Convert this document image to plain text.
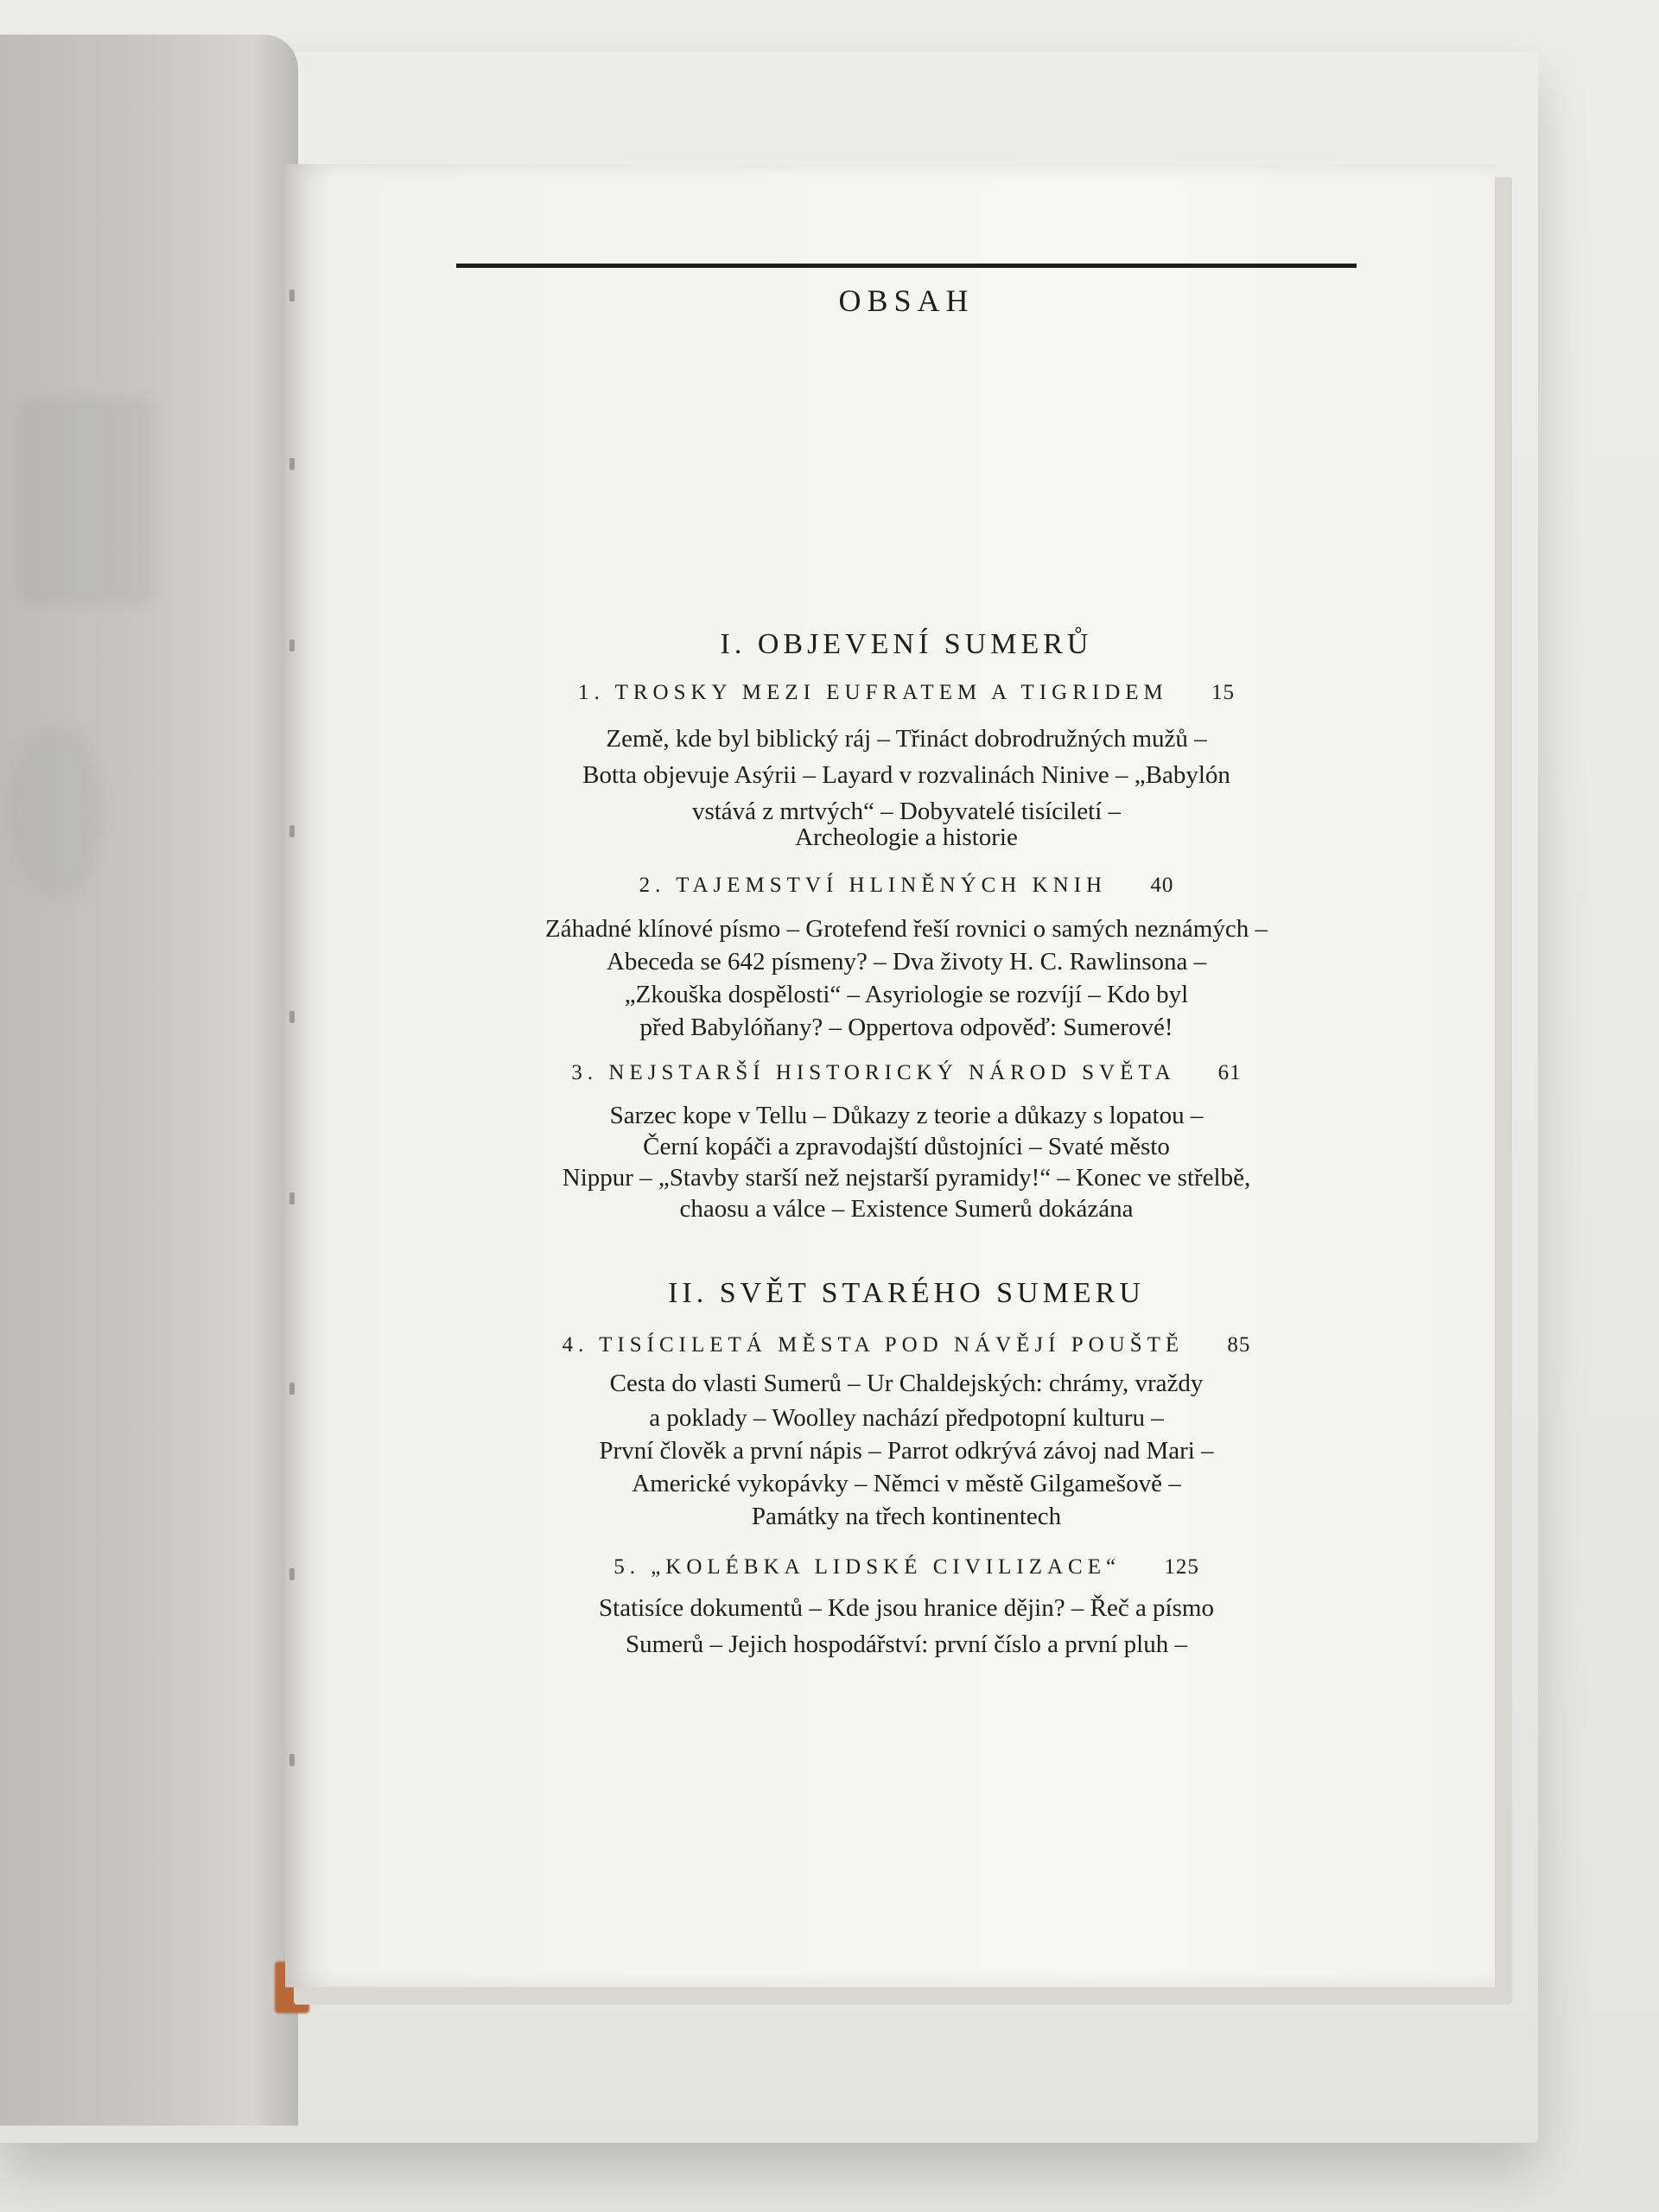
OBSAH
I. OBJEVENÍ SUMERŮ
1. TROSKY MEZI EUFRATEM A TIGRIDEM 15
Země, kde byl biblický ráj – Třináct dobrodružných mužů –
Botta objevuje Asýrii – Layard v rozvalinách Ninive – „Babylón
vstává z mrtvých“ – Dobyvatelé tisíciletí –
Archeologie a historie
2. TAJEMSTVÍ HLINĚNÝCH KNIH 40
Záhadné klínové písmo – Grotefend řeší rovnici o samých neznámých –
Abeceda se 642 písmeny? – Dva životy H. C. Rawlinsona –
„Zkouška dospělosti“ – Asyriologie se rozvíjí – Kdo byl
před Babylóňany? – Oppertova odpověď: Sumerové!
3. NEJSTARŠÍ HISTORICKÝ NÁROD SVĚTA 61
Sarzec kope v Tellu – Důkazy z teorie a důkazy s lopatou –
Černí kopáči a zpravodajští důstojníci – Svaté město
Nippur – „Stavby starší než nejstarší pyramidy!“ – Konec ve střelbě,
chaosu a válce – Existence Sumerů dokázána
II. SVĚT STARÉHO SUMERU
4. TISÍCILETÁ MĚSTA POD NÁVĚJÍ POUŠTĚ 85
Cesta do vlasti Sumerů – Ur Chaldejských: chrámy, vraždy
a poklady – Woolley nachází předpotopní kulturu –
První člověk a první nápis – Parrot odkrývá závoj nad Mari –
Americké vykopávky – Němci v městě Gilgamešově –
Památky na třech kontinentech
5. „KOLÉBKA LIDSKÉ CIVILIZACE“ 125
Statisíce dokumentů – Kde jsou hranice dějin? – Řeč a písmo
Sumerů – Jejich hospodářství: první číslo a první pluh –
